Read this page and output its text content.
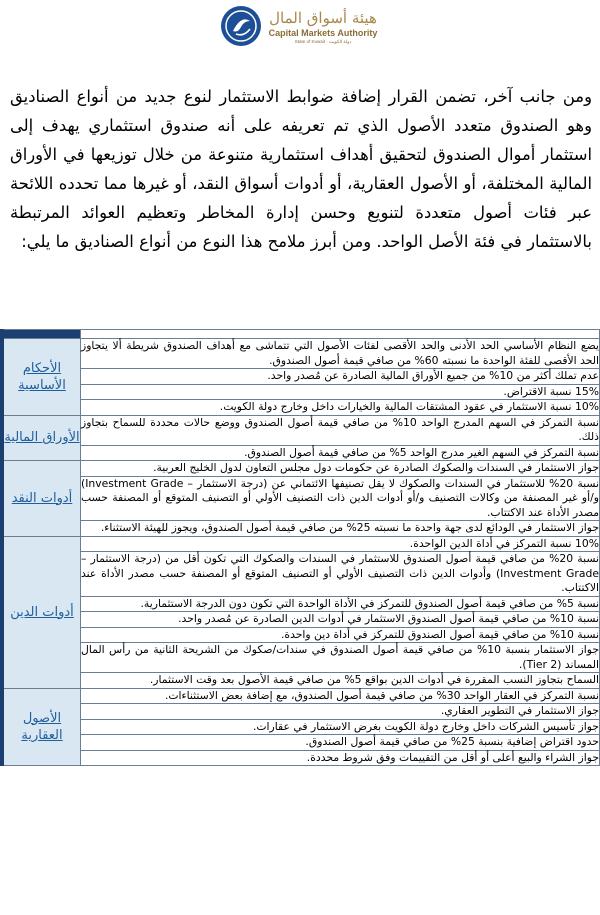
هيئة أسواق المال
Capital Markets Authority
State of Kuwait · دولة الكويت

ومن جانب آخر، تضمن القرار إضافة ضوابط الاستثمار لنوع جديد من أنواع الصناديق وهو الصندوق متعدد الأصول الذي تم تعريفه على أنه صندوق استثماري يهدف إلى استثمار أموال الصندوق لتحقيق أهداف استثمارية متنوعة من خلال توزيعها في الأوراق المالية المختلفة، أو الأصول العقارية، أو أدوات أسواق النقد، أو غيرها مما تحدده اللائحة عبر فئات أصول متعددة لتنويع وحسن إدارة المخاطر وتعظيم العوائد المرتبطة بالاستثمار في فئة الأصل الواحد. ومن أبرز ملامح هذا النوع من أنواع الصناديق ما يلي:

يضع النظام الأساسي الحد الأدنى والحد الأقصى لفئات الأصول التي تتماشى مع أهداف الصندوق شريطة ألا يتجاوز الحد الأقصى للفئة الواحدة ما نسبته 60% من صافي قيمة أصول الصندوق.	الأحكام الأساسية
عدم تملك أكثر من 10% من جميع الأوراق المالية الصادرة عن مُصدر واحد.	
15% نسبة الاقتراض.	
10% نسبة الاستثمار في عقود المشتقات المالية والخيارات داخل وخارج دولة الكويت.	
نسبة التمركز في السهم المدرج الواحد 10% من صافي قيمة أصول الصندوق ووضع حالات محددة للسماح بتجاوز ذلك.	الأوراق المالية
نسبة التمركز في السهم الغير مدرج الواحد 5% من صافي قيمة أصول الصندوق.	
جواز الاستثمار في السندات والصكوك الصادرة عن حكومات دول مجلس التعاون لدول الخليج العربية.	أدوات النقد
نسبة 20% للاستثمار في السندات والصكوك لا يقل تصنيفها الائتماني عن (درجة الاستثمار – Investment Grade) و/أو غير المصنفة من وكالات التصنيف و/أو أدوات الدين ذات التصنيف الأولي أو التصنيف المتوقع أو المصنفة حسب مصدر الأداة عند الاكتتاب.	
جواز الاستثمار في الودائع لدى جهة واحدة ما نسبته 25% من صافي قيمة أصول الصندوق، ويجوز للهيئة الاستثناء.	
10% نسبة التمركز في أداة الدين الواحدة.	أدوات الدين
نسبة 20% من صافي قيمة أصول الصندوق للاستثمار في السندات والصكوك التي تكون أقل من (درجة الاستثمار – Investment Grade) وأدوات الدين ذات التصنيف الأولي أو التصنيف المتوقع أو المصنفة حسب مصدر الأداة عند الاكتتاب.	
نسبة 5% من صافي قيمة أصول الصندوق للتمركز في الأداة الواحدة التي تكون دون الدرجة الاستثمارية.	
نسبة 10% من صافي قيمة أصول الصندوق الاستثمار في أدوات الدين الصادرة عن مُصدر واحد.	
نسبة 10% من صافي قيمة أصول الصندوق للتمركز في أداة دين واحدة.	
جواز الاستثمار بنسبة 10% من صافي قيمة أصول الصندوق في سندات/صكوك من الشريحة الثانية من رأس المال المساند (Tier 2).	
السماح بتجاوز النسب المقررة في أدوات الدين بواقع 5% من صافي قيمة الأصول بعد وقت الاستثمار.	
نسبة التمركز في العقار الواحد 30% من صافي قيمة أصول الصندوق، مع إضافة بعض الاستثناءات.	الأصول العقارية
جواز الاستثمار في التطوير العقاري.	
جواز تأسيس الشركات داخل وخارج دولة الكويت بغرض الاستثمار في عقارات.	
حدود اقتراض إضافية بنسبة 25% من صافي قيمة أصول الصندوق.	
جواز الشراء والبيع أعلى أو أقل من التقييمات وفق شروط محددة.	
